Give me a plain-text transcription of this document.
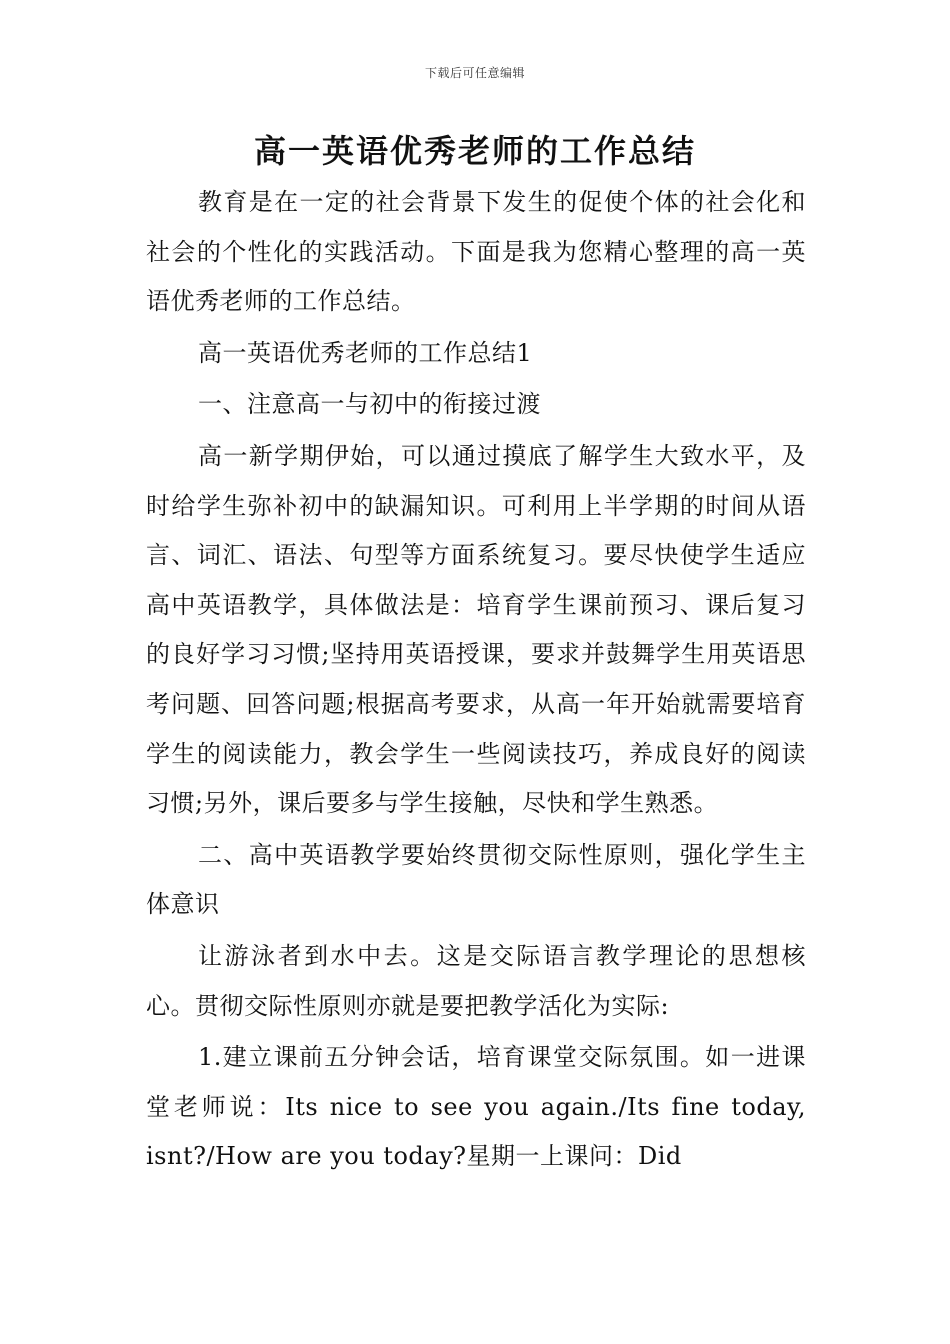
下载后可任意编辑
高一英语优秀老师的工作总结

教育是在一定的社会背景下发生的促使个体的社会化和社会的个性化的实践活动。下面是我为您精心整理的高一英语优秀老师的工作总结。

高一英语优秀老师的工作总结1

一、注意高一与初中的衔接过渡

高一新学期伊始，可以通过摸底了解学生大致水平，及时给学生弥补初中的缺漏知识。可利用上半学期的时间从语言、词汇、语法、句型等方面系统复习。要尽快使学生适应高中英语教学，具体做法是：培育学生课前预习、课后复习的良好学习习惯;坚持用英语授课，要求并鼓舞学生用英语思考问题、回答问题;根据高考要求，从高一年开始就需要培育学生的阅读能力，教会学生一些阅读技巧，养成良好的阅读习惯;另外，课后要多与学生接触，尽快和学生熟悉。

二、高中英语教学要始终贯彻交际性原则，强化学生主体意识

让游泳者到水中去。这是交际语言教学理论的思想核心。贯彻交际性原则亦就是要把教学活化为实际:

1.建立课前五分钟会话，培育课堂交际氛围。如一进课堂老师说：Its nice to see you again./Its fine today, isnt?/How are you today?星期一上课问：Did
